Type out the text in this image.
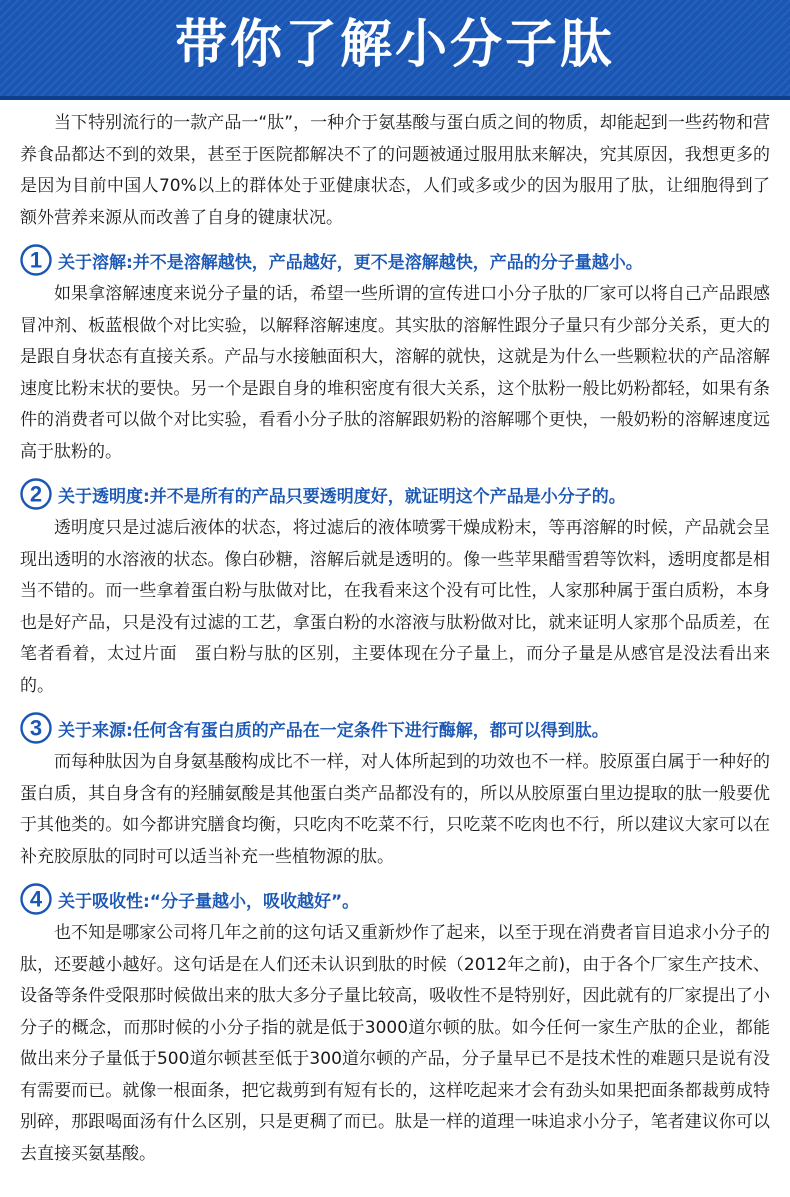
带你了解小分子肽

当下特别流行的一款产品一“肽”，一种介于氨基酸与蛋白质之间的物质，却能起到一些药物和营养食品都达不到的效果，甚至于医院都解决不了的问题被通过服用肽来解决，究其原因，我想更多的是因为目前中国人70%以上的群体处于亚健康状态，人们或多或少的因为服用了肽，让细胞得到了额外营养来源从而改善了自身的键康状况。

1 关于溶解:并不是溶解越快，产品越好，更不是溶解越快，产品的分子量越小。

如果拿溶解速度来说分子量的话，希望一些所谓的宣传进口小分子肽的厂家可以将自己产品跟感冒冲剂、板蓝根做个对比实验，以解释溶解速度。其实肽的溶解性跟分子量只有少部分关系，更大的是跟自身状态有直接关系。产品与水接触面积大，溶解的就快，这就是为什么一些颗粒状的产品溶解速度比粉末状的要快。另一个是跟自身的堆积密度有很大关系，这个肽粉一般比奶粉都轻，如果有条件的消费者可以做个对比实验，看看小分子肽的溶解跟奶粉的溶解哪个更快，一般奶粉的溶解速度远高于肽粉的。

2 关于透明度:并不是所有的产品只要透明度好，就证明这个产品是小分子的。

透明度只是过滤后液体的状态，将过滤后的液体喷雾干燥成粉末，等再溶解的时候，产品就会呈现出透明的水溶液的状态。像白砂糖，溶解后就是透明的。像一些苹果醋雪碧等饮料，透明度都是相当不错的。而一些拿着蛋白粉与肽做对比，在我看来这个没有可比性，人家那种属于蛋白质粉，本身也是好产品，只是没有过滤的工艺，拿蛋白粉的水溶液与肽粉做对比，就来证明人家那个品质差，在笔者看着，太过片面　蛋白粉与肽的区别，主要体现在分子量上，而分子量是从感官是没法看出来的。

3 关于来源:任何含有蛋白质的产品在一定条件下进行酶解，都可以得到肽。

而每种肽因为自身氨基酸构成比不一样，对人体所起到的功效也不一样。胶原蛋白属于一种好的蛋白质，其自身含有的羟脯氨酸是其他蛋白类产品都没有的，所以从胶原蛋白里边提取的肽一般要优于其他类的。如今都讲究膳食均衡，只吃肉不吃菜不行，只吃菜不吃肉也不行，所以建议大家可以在补充胶原肽的同时可以适当补充一些植物源的肽。

4 关于吸收性:“分子量越小，吸收越好”。

也不知是哪家公司将几年之前的这句话又重新炒作了起来，以至于现在消费者盲目追求小分子的肽，还要越小越好。这句话是在人们还未认识到肽的时候（2012年之前)，由于各个厂家生产技术、设备等条件受限那时候做出来的肽大多分子量比较高，吸收性不是特别好，因此就有的厂家提出了小分子的概念，而那时候的小分子指的就是低于3000道尔顿的肽。如今任何一家生产肽的企业，都能做出来分子量低于500道尔顿甚至低于300道尔顿的产品，分子量早已不是技术性的难题只是说有没有需要而已。就像一根面条，把它裁剪到有短有长的，这样吃起来才会有劲头如果把面条都裁剪成特别碎，那跟喝面汤有什么区别，只是更稠了而已。肽是一样的道理一味追求小分子，笔者建议你可以去直接买氨基酸。
